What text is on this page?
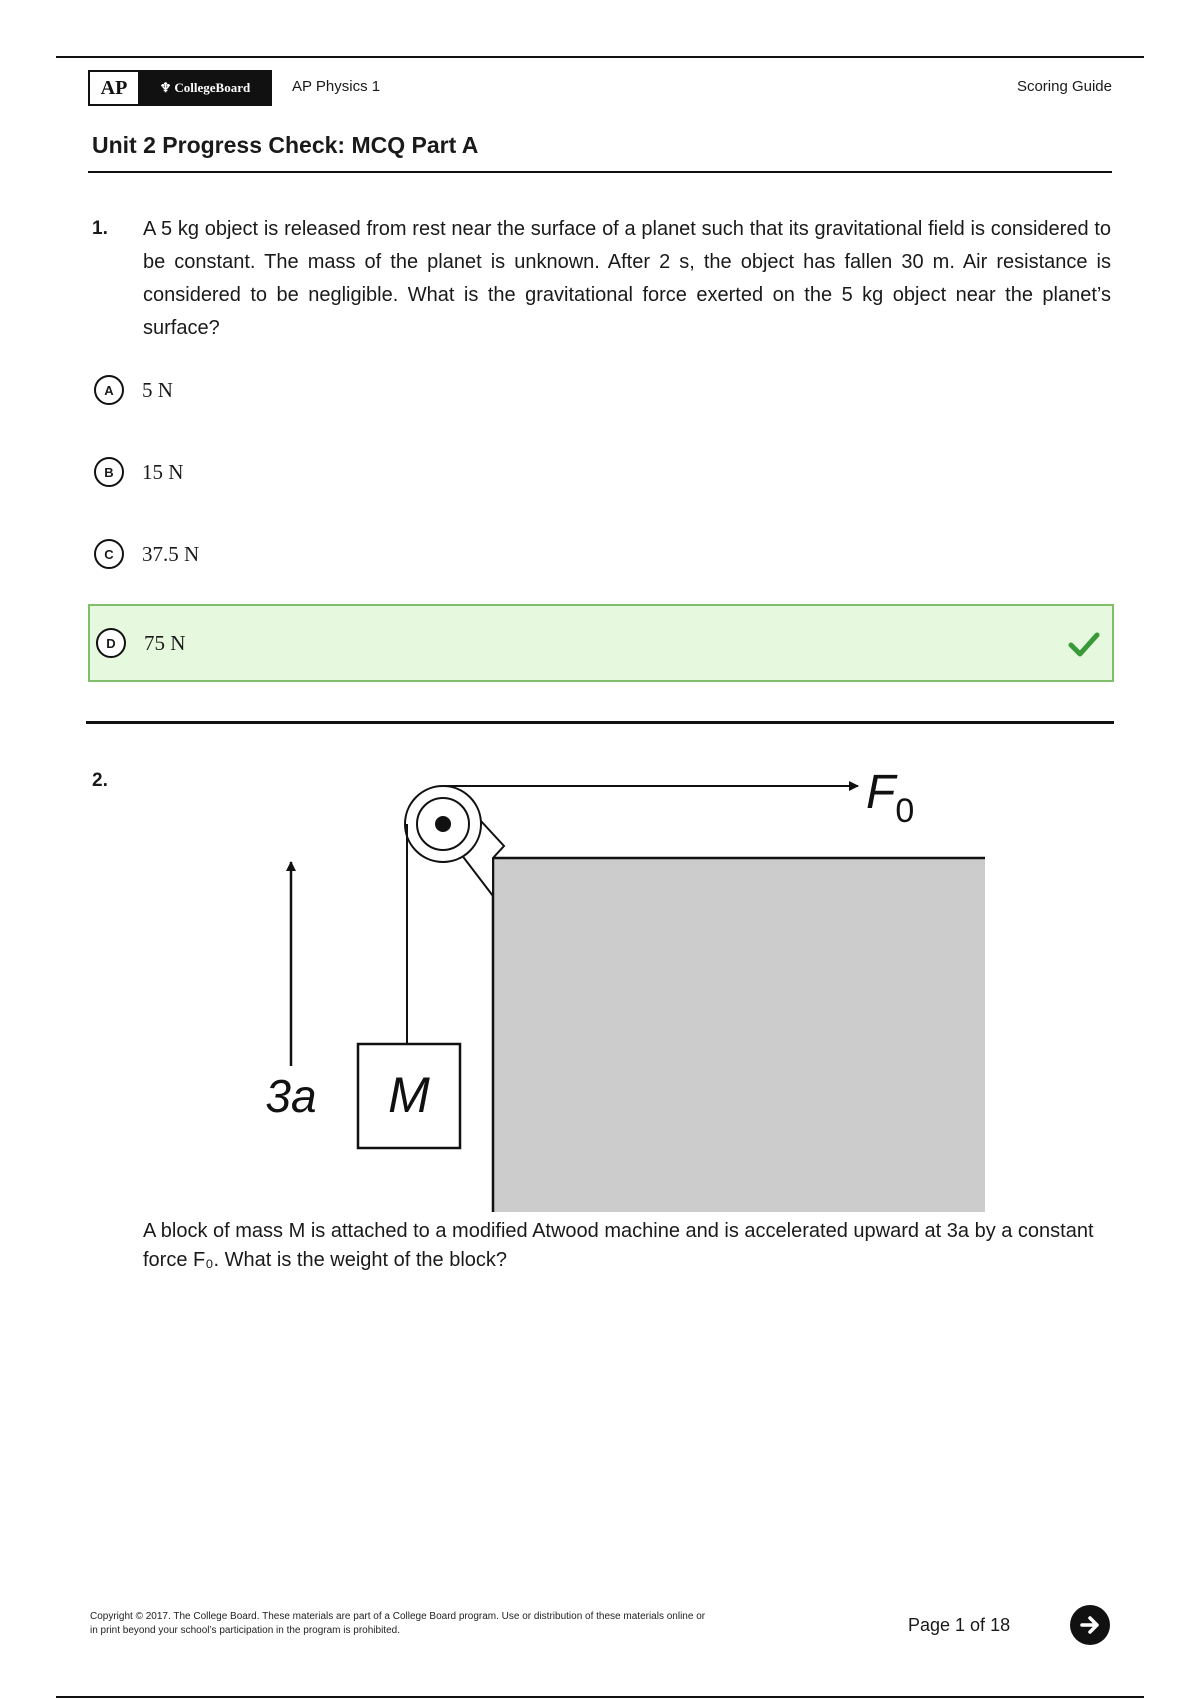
AP	♆ CollegeBoard	AP Physics 1	Scoring Guide
Unit 2 Progress Check: MCQ Part A
1. A 5 kg object is released from rest near the surface of a planet such that its gravitational field is considered to be constant. The mass of the planet is unknown. After 2 s, the object has fallen 30 m. Air resistance is considered to be negligible. What is the gravitational force exerted on the 5 kg object near the planet’s surface?
A	5 N
B	15 N
C	37.5 N
D	75 N
2.
M
3a
$F_0$
A block of mass M is attached to a modified Atwood machine and is accelerated upward at 3a by a constant force F₀. What is the weight of the block?
Copyright © 2017. The College Board. These materials are part of a College Board program. Use or distribution of these materials online or
in print beyond your school’s participation in the program is prohibited.	Page 1 of 18
